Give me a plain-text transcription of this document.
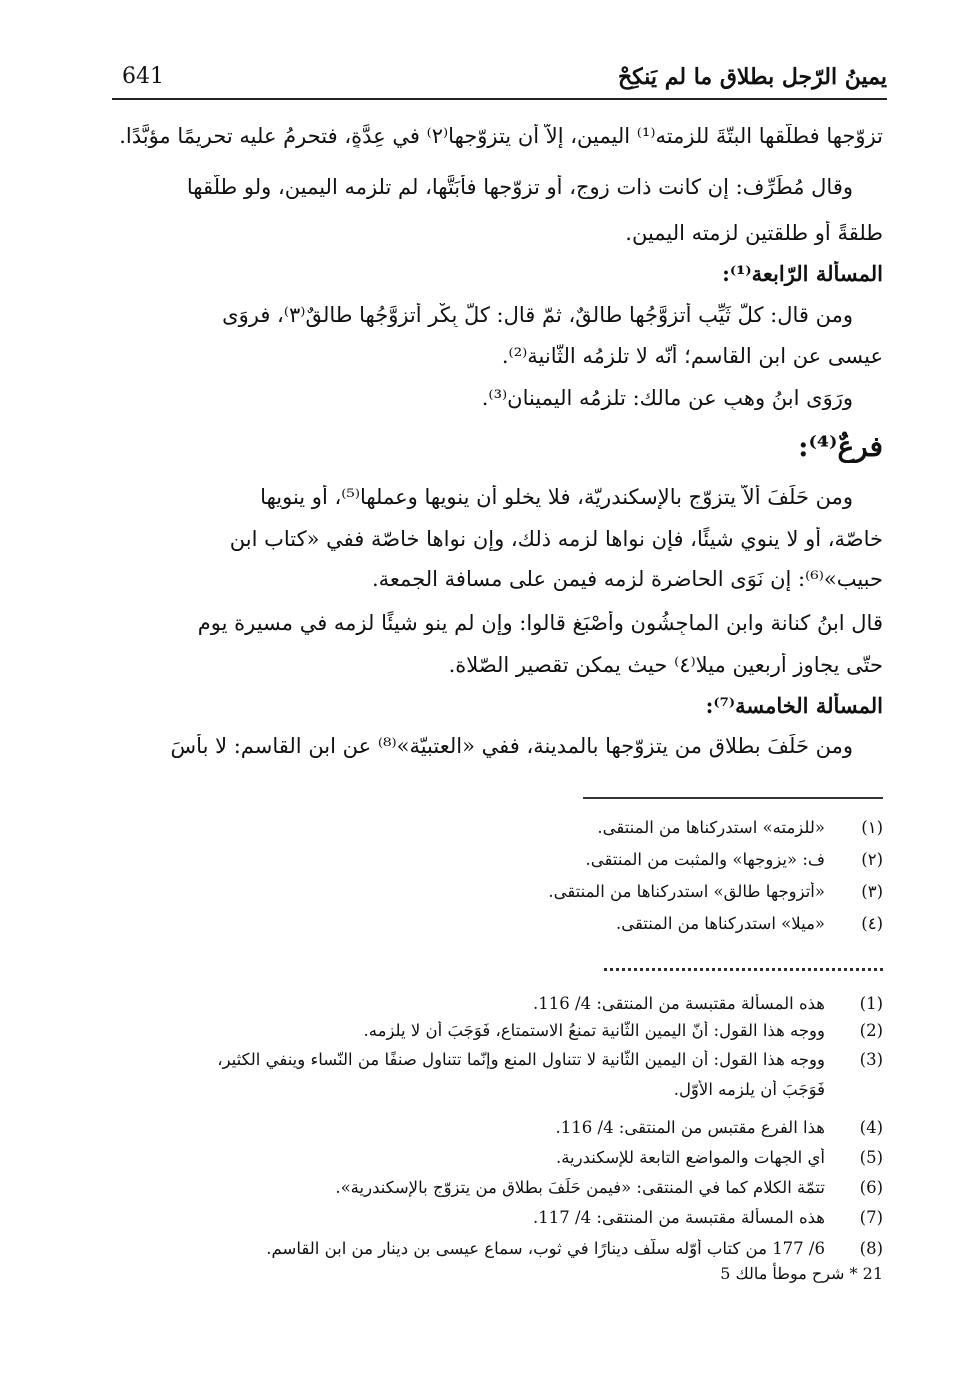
641	يمينُ الرّجل بطلاق ما لم يَنكِحْ
تزوّجها فطلّقها البتّةَ للزمته⁽¹⁾ اليمين، إلاّ أن يتزوّجها⁽٢⁾ في عِدَّةٍ، فتحرمُ عليه تحريمًا مؤبَّدًا.
وقال مُطَرِّف: إن كانت ذات زوجٍ، أو تزوّجها فأَبَتَّها، لم تلزمه اليمين، ولو طلّقها
طلقةً أو طلقتين لزمته اليمين.
المسألة الرّابعة⁽¹⁾:
ومن قال: كلُّ ثَيِّبٍ أتزوَّجُها طالقٌ، ثمّ قال: كلُّ بِكْرٍ أتزوَّجُها طالقٌ⁽٣⁾، فروَى
عيسى عنِ ابنِ القاسمِ؛ أنّه لا تلزمُه الثّانية⁽²⁾.
ورَوَى ابنُ وهبٍ عن مالك: تلزمُه اليمينان⁽³⁾.
فرعٌ⁽⁴⁾:
ومن حَلَفَ ألاّ يتزوّج بالإسكندريّة، فلا يخلو أن ينويها وعملها⁽⁵⁾، أو ينويها
خاصّة، أو لا ينوي شيئًا، فإن نواها لزمه ذلك، وإن نواها خاصّة ففي «كتاب ابن
حبيب»⁽⁶⁾: إن نَوَى الحاضرة لزمه فيمن على مسافة الجمعة.
قال ابنُ كنانة وابن الماجِشُون وأَصْبَغ قالوا: وإن لم ينوِ شيئًا لزمه في مسيرة يومٍ
حتّى يجاوز أربعين ميلا⁽٤⁾ حيث يمكن تقصير الصّلاة.
المسألة الخامسة⁽⁷⁾:
ومن حَلَفَ بطلاقٍ من يتزوّجها بالمدينة، ففي «العتبيّة»⁽⁸⁾ عن ابنِ القاسم: لا بأسَ
(١)«للزمته» استدركناها من المنتقى.
(٢)ف: «يزوجها» والمثبت من المنتقى.
(٣)«أتزوجها طالق» استدركناها من المنتقى.
(٤)«ميلا» استدركناها من المنتقى.
(1)هذه المسألة مقتبسة من المنتقى: 4/ 116.
(2)ووجه هذا القول: أنّ اليمين الثّانية تمنعُ الاستمتاع، فَوَجَبَ أن لا يلزمه.
(3)ووجه هذا القول: أن اليمين الثّانية لا تتناول المنع وإنّما تتناول صنفًا من النّساء وينفي الكثير،
فَوَجَبَ أن يلزمه الأوّل.
(4)هذا الفرع مقتبس من المنتقى: 4/ 116.
(5)أي الجهات والمواضع التابعة للإسكندرية.
(6)تتمّة الكلام كما في المنتقى: «فيمن حَلَفَ بطلاق من يتزوّج بالإسكندرية».
(7)هذه المسألة مقتبسة من المنتقى: 4/ 117.
(8)6/ 177 من كتاب أوّله سلّف دينارًا في ثوب، سماع عيسى بن دينار من ابن القاسم.
21 * شرح موطأ مالك 5
